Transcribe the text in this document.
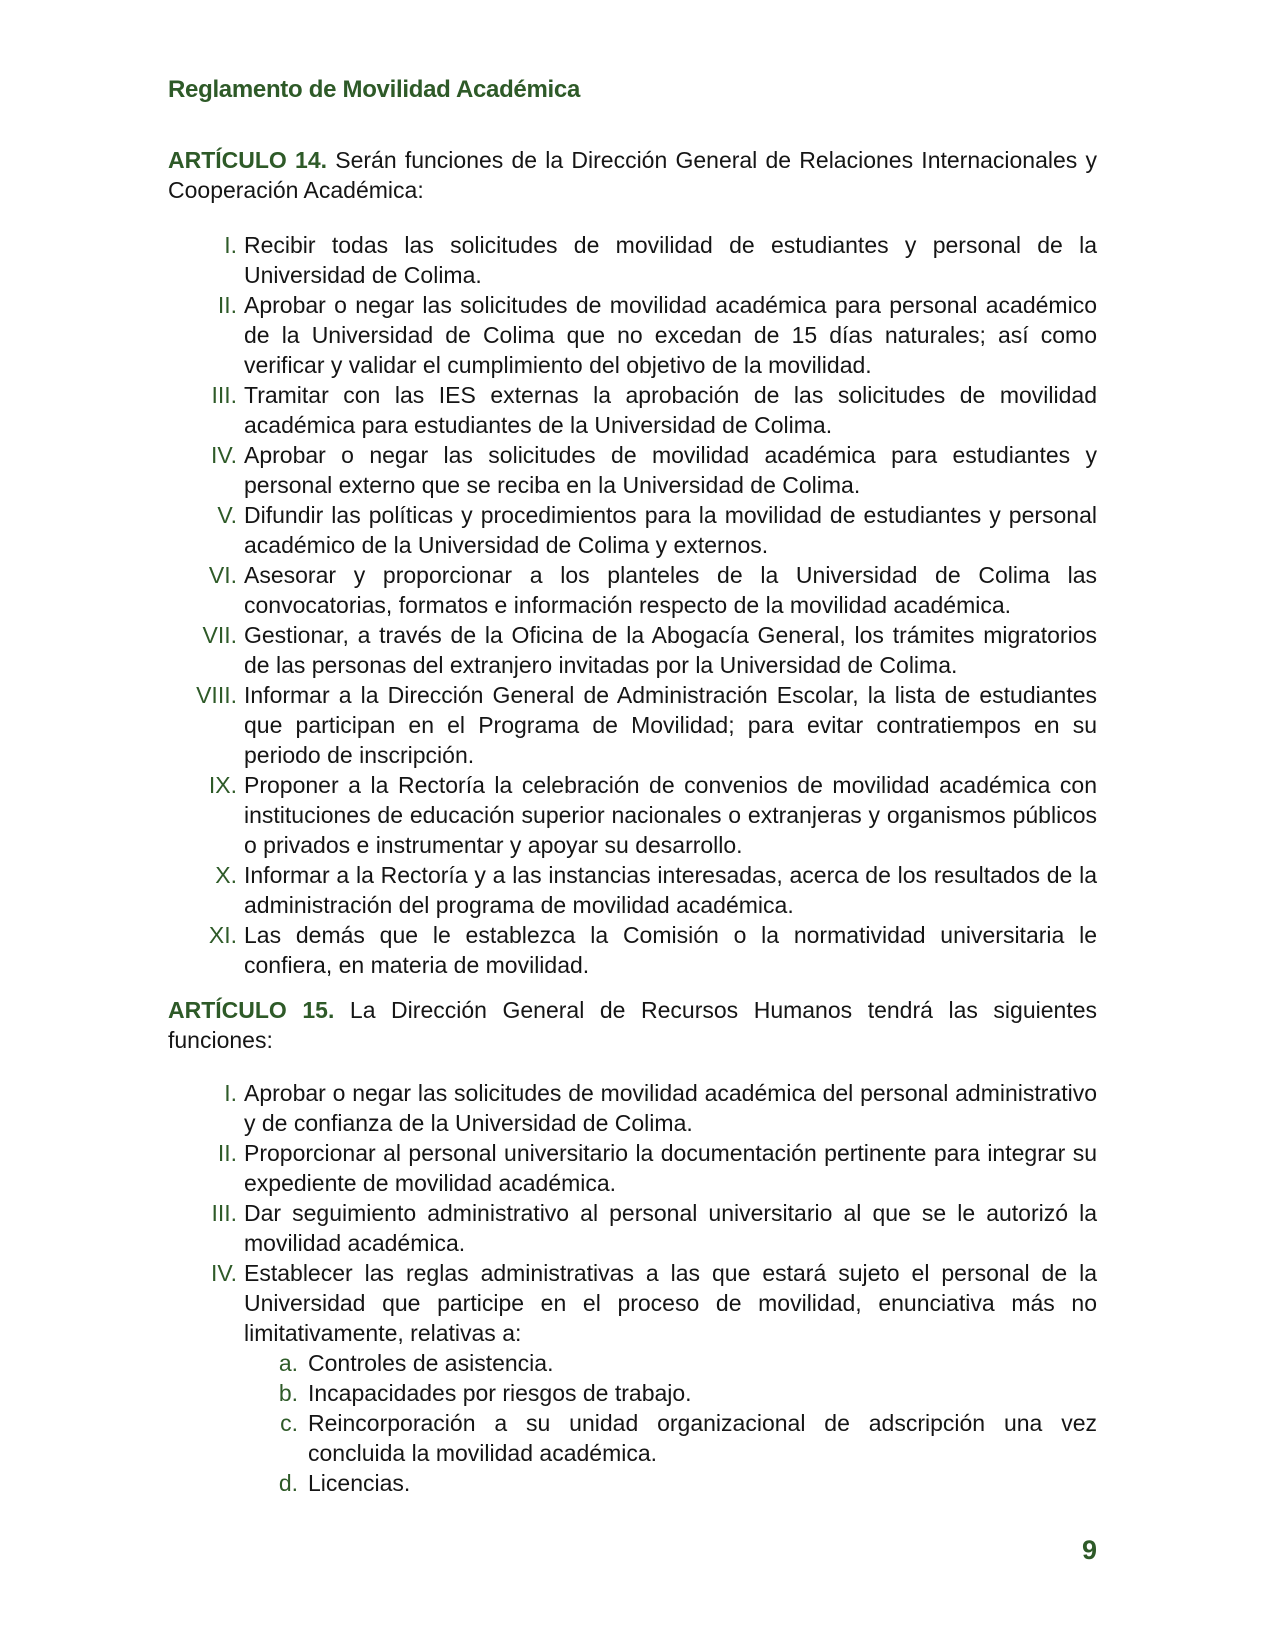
Reglamento de Movilidad Académica

ARTÍCULO 14. Serán funciones de la Dirección General de Relaciones Internacionales y Cooperación Académica:

I. Recibir todas las solicitudes de movilidad de estudiantes y personal de la Universidad de Colima.
II. Aprobar o negar las solicitudes de movilidad académica para personal académico de la Universidad de Colima que no excedan de 15 días naturales; así como verificar y validar el cumplimiento del objetivo de la movilidad.
III. Tramitar con las IES externas la aprobación de las solicitudes de movilidad académica para estudiantes de la Universidad de Colima.
IV. Aprobar o negar las solicitudes de movilidad académica para estudiantes y personal externo que se reciba en la Universidad de Colima.
V. Difundir las políticas y procedimientos para la movilidad de estudiantes y personal académico de la Universidad de Colima y externos.
VI. Asesorar y proporcionar a los planteles de la Universidad de Colima las convocatorias, formatos e información respecto de la movilidad académica.
VII. Gestionar, a través de la Oficina de la Abogacía General, los trámites migratorios de las personas del extranjero invitadas por la Universidad de Colima.
VIII. Informar a la Dirección General de Administración Escolar, la lista de estudiantes que participan en el Programa de Movilidad; para evitar contratiempos en su periodo de inscripción.
IX. Proponer a la Rectoría la celebración de convenios de movilidad académica con instituciones de educación superior nacionales o extranjeras y organismos públicos o privados e instrumentar y apoyar su desarrollo.
X. Informar a la Rectoría y a las instancias interesadas, acerca de los resultados de la administración del programa de movilidad académica.
XI. Las demás que le establezca la Comisión o la normatividad universitaria le confiera, en materia de movilidad.

ARTÍCULO 15. La Dirección General de Recursos Humanos tendrá las siguientes funciones:

I. Aprobar o negar las solicitudes de movilidad académica del personal administrativo y de confianza de la Universidad de Colima.
II. Proporcionar al personal universitario la documentación pertinente para integrar su expediente de movilidad académica.
III. Dar seguimiento administrativo al personal universitario al que se le autorizó la movilidad académica.
IV. Establecer las reglas administrativas a las que estará sujeto el personal de la Universidad que participe en el proceso de movilidad, enunciativa más no limitativamente, relativas a:
a. Controles de asistencia.
b. Incapacidades por riesgos de trabajo.
c. Reincorporación a su unidad organizacional de adscripción una vez concluida la movilidad académica.
d. Licencias.
9
